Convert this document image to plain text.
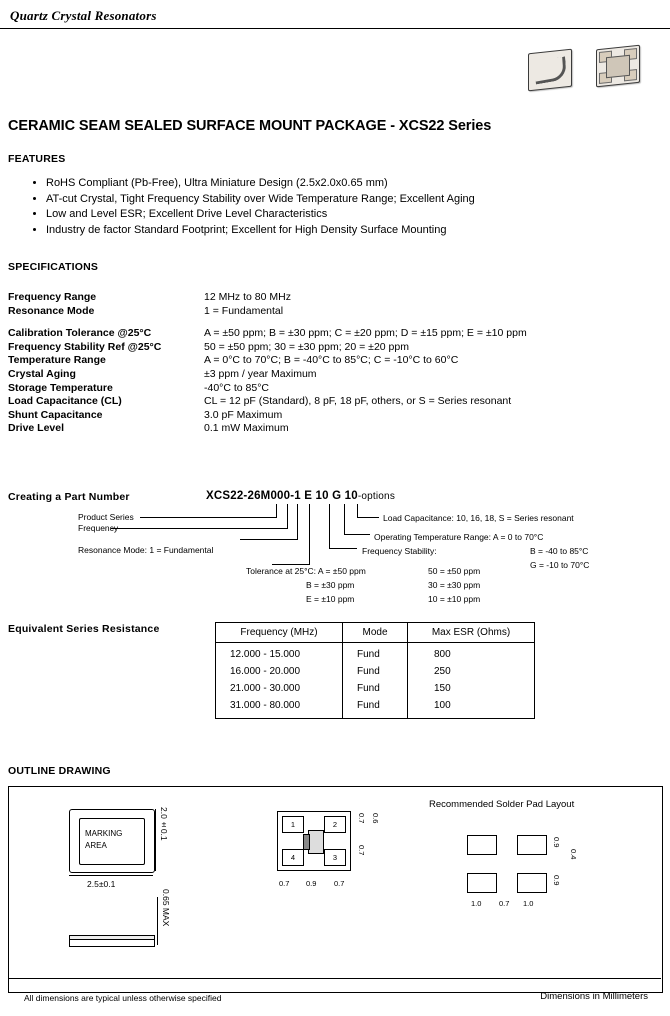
Quartz Crystal Resonators
CERAMIC SEAM SEALED SURFACE MOUNT PACKAGE - XCS22 Series
FEATURES
• RoHS Compliant (Pb-Free), Ultra Miniature Design (2.5x2.0x0.65 mm)
• AT-cut Crystal, Tight Frequency Stability over Wide Temperature Range; Excellent Aging
• Low and Level ESR; Excellent Drive Level Characteristics
• Industry de factor Standard Footprint; Excellent for High Density Surface Mounting
SPECIFICATIONS
Frequency Range	12 MHz to 80 MHz
Resonance Mode	1 = Fundamental
Calibration Tolerance @25°C	A = ±50 ppm; B = ±30 ppm; C = ±20 ppm; D = ±15 ppm; E = ±10 ppm
Frequency Stability Ref @25°C	50 = ±50 ppm; 30 = ±30 ppm; 20 = ±20 ppm
Temperature Range	A = 0°C to 70°C; B = -40°C to 85°C; C = -10°C to 60°C
Crystal Aging	±3 ppm / year Maximum
Storage Temperature	-40°C to 85°C
Load Capacitance (CL)	CL = 12 pF (Standard), 8 pF, 18 pF, others, or S = Series resonant
Shunt Capacitance	3.0 pF Maximum
Drive Level	0.1 mW Maximum
Creating a Part Number	XCS22-26M000-1 E 10 G 10-options
Product Series
Frequency
Resonance Mode: 1 = Fundamental
Tolerance at 25°C: A = ±50 ppm
B = ±30 ppm
E = ±10 ppm
Frequency Stability:
50 = ±50 ppm
30 = ±30 ppm
10 = ±10 ppm
Operating Temperature Range: A = 0 to 70°C
B = -40 to 85°C
G = -10 to 70°C
Load Capacitance: 10, 16, 18, S = Series resonant
Equivalent Series Resistance	Frequency (MHz)	Mode	Max ESR (Ohms)
12.000 - 15.000	Fund	800
16.000 - 20.000	Fund	250
21.000 - 30.000	Fund	150
31.000 - 80.000	Fund	100
OUTLINE DRAWING
MARKING
AREA
2.0±0.1
2.5±0.1
0.65 MAX
1	2
4	3
0.7 0.9 0.7
0.7 0.6
0.7
Recommended Solder Pad Layout
0.9
0.9
0.4
1.0 0.7 1.0
All dimensions are typical unless otherwise specified	Dimensions in Millimeters
